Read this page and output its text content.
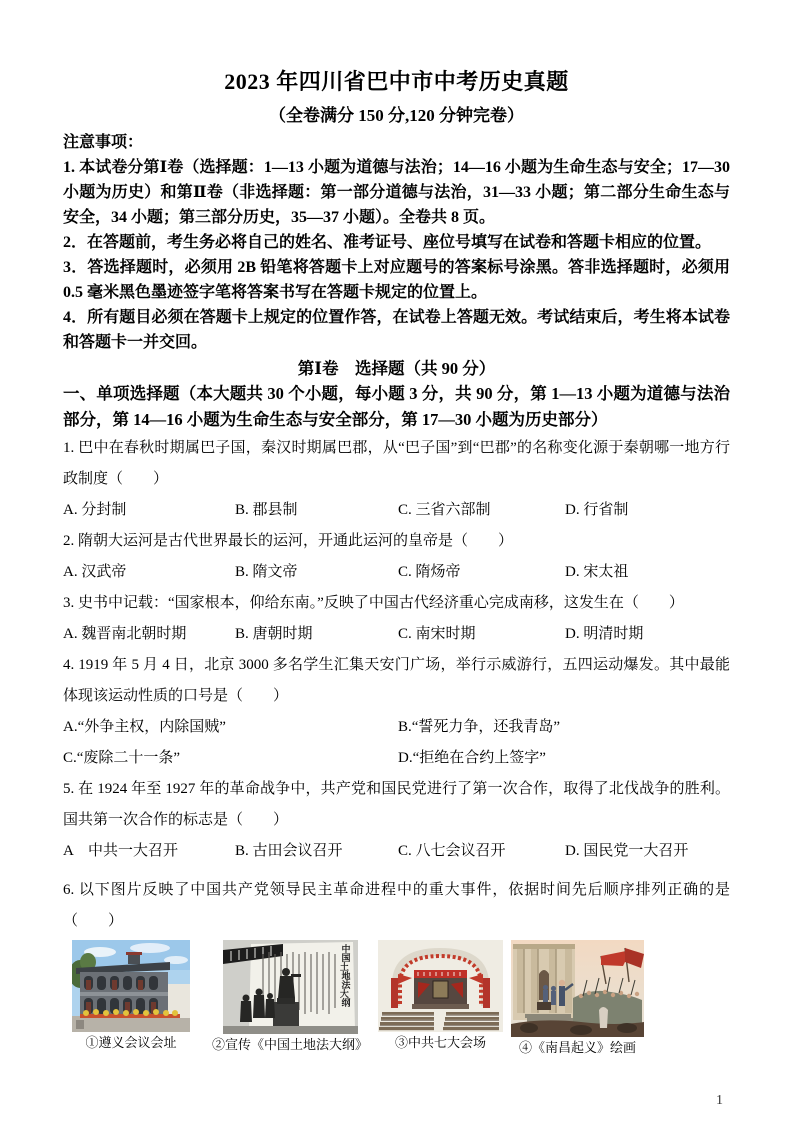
2023 年四川省巴中市中考历史真题
（全卷满分 150 分,120 分钟完卷）
注意事项：

1. 本试卷分第Ⅰ卷（选择题：1—13 小题为道德与法治；14—16 小题为生命生态与安全；17—30 小题为历史）和第Ⅱ卷（非选择题：第一部分道德与法治，31—33 小题；第二部分生命生态与安全，34 小题；第三部分历史，35—37 小题）。全卷共 8 页。

2．在答题前，考生务必将自己的姓名、准考证号、座位号填写在试卷和答题卡相应的位置。

3．答选择题时，必须用 2B 铅笔将答题卡上对应题号的答案标号涂黑。答非选择题时，必须用 0.5 毫米黑色墨迹签字笔将答案书写在答题卡规定的位置上。

4．所有题目必须在答题卡上规定的位置作答，在试卷上答题无效。考试结束后，考生将本试卷和答题卡一并交回。

第Ⅰ卷　选择题（共 90 分）

一、单项选择题（本大题共 30 个小题，每小题 3 分，共 90 分，第 1—13 小题为道德与法治部分，第 14—16 小题为生命生态与安全部分，第 17—30 小题为历史部分）

1. 巴中在春秋时期属巴子国，秦汉时期属巴郡，从“巴子国”到“巴郡”的名称变化源于秦朝哪一地方行政制度（　　）

A. 分封制	B. 郡县制	C. 三省六部制	D. 行省制

2. 隋朝大运河是古代世界最长的运河，开通此运河的皇帝是（　　）

A. 汉武帝	B. 隋文帝	C. 隋炀帝	D. 宋太祖

3. 史书中记载：“国家根本，仰给东南。”反映了中国古代经济重心完成南移，这发生在（　　）

A. 魏晋南北朝时期	B. 唐朝时期	C. 南宋时期	D. 明清时期

4. 1919 年 5 月 4 日，北京 3000 多名学生汇集天安门广场，举行示威游行，五四运动爆发。其中最能体现该运动性质的口号是（　　）

A.“外争主权，内除国贼”	B.“誓死力争，还我青岛”
C.“废除二十一条”	D.“拒绝在合约上签字”

5. 在 1924 年至 1927 年的革命战争中，共产党和国民党进行了第一次合作，取得了北伐战争的胜利。国共第一次合作的标志是（　　）

A　中共一大召开	B. 古田会议召开	C. 八七会议召开	D. 国民党一大召开

6. 以下图片反映了中国共产党领导民主革命进程中的重大事件，依据时间先后顺序排列正确的是（　　）

①遵义会议会址
中国土 地法大 纲
②宣传《中国土地法大纲》 ③中共七大会场	④《南昌起义》绘画
1
